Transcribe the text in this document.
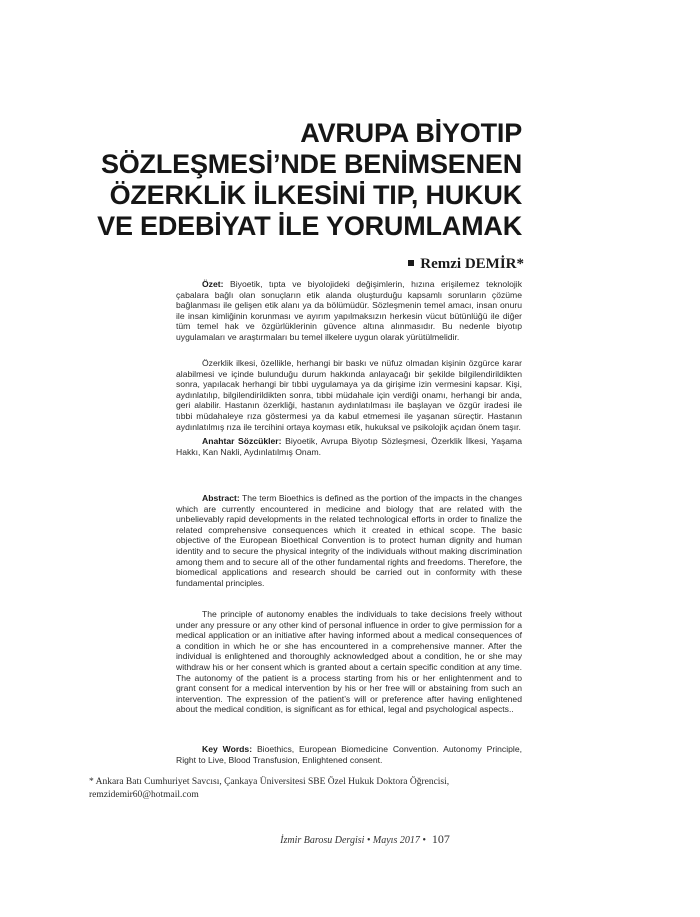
AVRUPA BİYOTIP
SÖZLEŞMESİ’NDE BENİMSENEN
ÖZERKLİK İLKESİNİ TIP, HUKUK
VE EDEBİYAT İLE YORUMLAMAK
Remzi DEMİR*

Özet: Biyoetik, tıpta ve biyolojideki değişimlerin, hızına erişilemez teknolojik çabalara bağlı olan sonuçların etik alanda oluşturduğu kapsamlı sorunların çözüme bağlanması ile gelişen etik alanı ya da bölümüdür. Sözleşmenin temel amacı, insan onuru ile insan kimliğinin korunması ve ayırım yapılmaksızın herkesin vücut bütünlüğü ile diğer tüm temel hak ve özgürlüklerinin güvence altına alınmasıdır. Bu nedenle biyotıp uygulamaları ve araştırmaları bu temel ilkelere uygun olarak yürütülmelidir.

Özerklik ilkesi, özellikle, herhangi bir baskı ve nüfuz olmadan kişinin özgürce karar alabilmesi ve içinde bulunduğu durum hakkında anlayacağı bir şekilde bilgilendirildikten sonra, yapılacak herhangi bir tıbbi uygulamaya ya da girişime izin vermesini kapsar. Kişi, aydınlatılıp, bilgilendirildikten sonra, tıbbi müdahale için verdiği onamı, herhangi bir anda, geri alabilir. Hastanın özerkliği, hastanın aydınlatılması ile başlayan ve özgür iradesi ile tıbbi müdahaleye rıza göstermesi ya da kabul etmemesi ile yaşanan süreçtir. Hastanın aydınlatılmış rıza ile tercihini ortaya koyması etik, hukuksal ve psikolojik açıdan önem taşır.

Anahtar Sözcükler: Biyoetik, Avrupa Biyotıp Sözleşmesi, Özerklik İlkesi, Yaşama Hakkı, Kan Nakli, Aydınlatılmış Onam.

Abstract: The term Bioethics is defined as the portion of the impacts in the changes which are currently encountered in medicine and biology that are related with the unbelievably rapid developments in the related technological efforts in order to finalize the related comprehensive consequences which it created in ethical scope. The basic objective of the European Bioethical Convention is to protect human dignity and human identity and to secure the physical integrity of the individuals without making discrimination among them and to secure all of the other fundamental rights and freedoms. Therefore, the biomedical applications and research should be carried out in conformity with these fundamental principles.

The principle of autonomy enables the individuals to take decisions freely without under any pressure or any other kind of personal influence in order to give permission for a medical application or an initiative after having informed about a medical consequences of a condition in which he or she has encountered in a comprehensive manner. After the individual is enlightened and thoroughly acknowledged about a condition, he or she may withdraw his or her consent which is granted about a certain specific condition at any time. The autonomy of the patient is a process starting from his or her enlightenment and to grant consent for a medical intervention by his or her free will or abstaining from such an intervention. The expression of the patient’s will or preference after having enlightened about the medical condition, is significant as for ethical, legal and psychological aspects..

Key Words: Bioethics, European Biomedicine Convention. Autonomy Principle, Right to Live, Blood Transfusion, Enlightened consent.

* Ankara Batı Cumhuriyet Savcısı, Çankaya Üniversitesi SBE Özel Hukuk Doktora Öğrencisi,
remzidemir60@hotmail.com
İzmir Barosu Dergisi • Mayıs 2017 • 107
